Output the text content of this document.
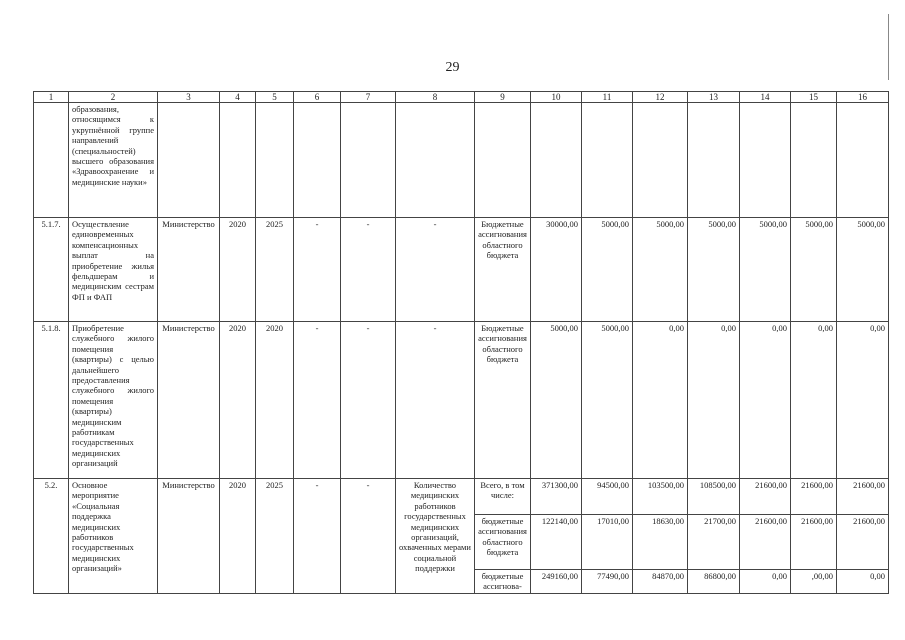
29
1	2	3	4	5	6	7	8	9	10	11	12	13	14	15	16
	образования, относящимся к укрупнённой группе направлений (специальностей) высшего образования «Здравоохранение и медицинские науки»														
5.1.7.	Осуществление единовременных компенсационных выплат на приобретение жилья фельдшерам и медицинским сестрам ФП и ФАП	Министерство	2020	2025	-	-	-	Бюджетные ассигнования областного бюджета	30000,00	5000,00	5000,00	5000,00	5000,00	5000,00	5000,00
5.1.8.	Приобретение служебного жилого помещения (квартиры) с целью дальнейшего предоставления служебного жилого помещения (квартиры) медицинским работникам государственных медицинских организаций	Министерство	2020	2020	-	-	-	Бюджетные ассигнования областного бюджета	5000,00	5000,00	0,00	0,00	0,00	0,00	0,00
5.2.	Основное мероприятие «Социальная поддержка медицинских работников государственных медицинских организаций»	Министерство	2020	2025	-	-	Количество медицинских работников государственных медицинских организаций, охваченных мерами социальной поддержки	Всего, в том числе:	371300,00	94500,00	103500,00	108500,00	21600,00	21600,00	21600,00
								бюджетные ассигнования областного бюджета	122140,00	17010,00	18630,00	21700,00	21600,00	21600,00	21600,00
								бюджетные ассигнова-	249160,00	77490,00	84870,00	86800,00	0,00	,00,00	0,00
